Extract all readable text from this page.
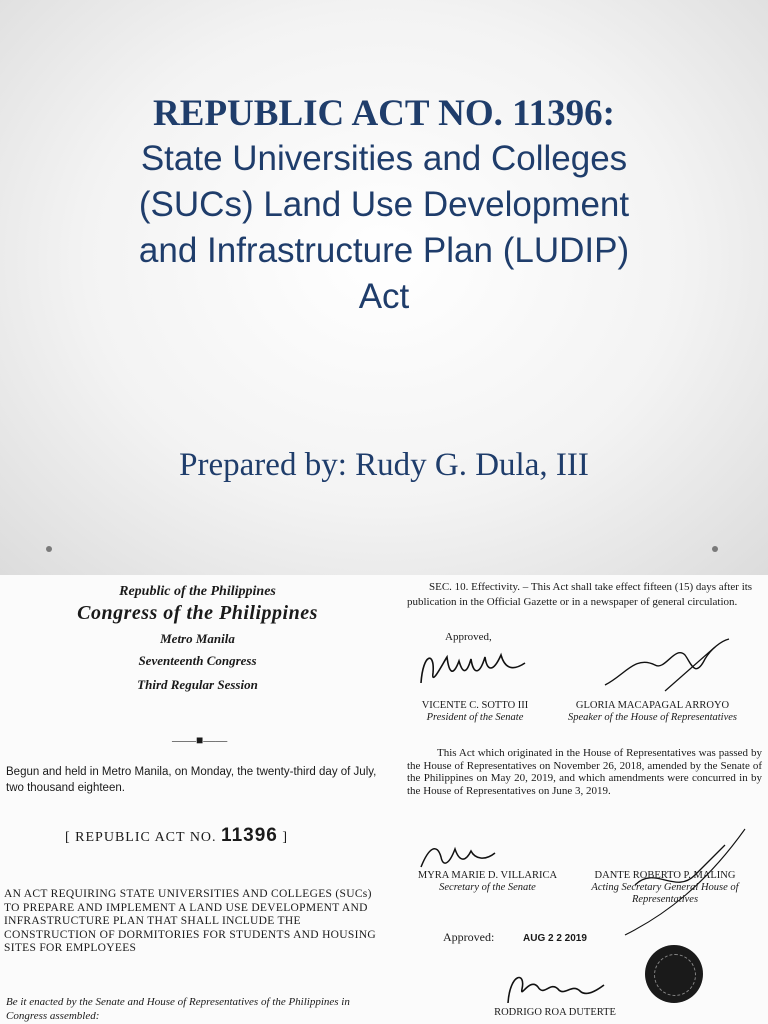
REPUBLIC ACT NO. 11396:
State Universities and Colleges
(SUCs) Land Use Development
and Infrastructure Plan (LUDIP)
Act
Prepared by: Rudy G. Dula, III
Republic of the Philippines
Congress of the Philippines
Metro Manila
Seventeenth Congress
Third Regular Session
——■——
Begun and held in Metro Manila, on Monday, the twenty-third day of July, two thousand eighteen.
[ REPUBLIC ACT NO. 11396 ]
AN ACT REQUIRING STATE UNIVERSITIES AND COLLEGES (SUCs) TO PREPARE AND IMPLEMENT A LAND USE DEVELOPMENT AND INFRASTRUCTURE PLAN THAT SHALL INCLUDE THE CONSTRUCTION OF DORMITORIES FOR STUDENTS AND HOUSING SITES FOR EMPLOYEES
Be it enacted by the Senate and House of Representatives of the Philippines in Congress assembled:
SEC. 10. Effectivity. – This Act shall take effect fifteen (15) days after its publication in the Official Gazette or in a newspaper of general circulation.
Approved,
VICENTE C. SOTTO III
President of the Senate
GLORIA MACAPAGAL ARROYO
Speaker of the House of Representatives
This Act which originated in the House of Representatives was passed by the House of Representatives on November 26, 2018, amended by the Senate of the Philippines on May 20, 2019, and which amendments were concurred in by the House of Representatives on June 3, 2019.
MYRA MARIE D. VILLARICA
Secretary of the Senate
DANTE ROBERTO P. MALING
Acting Secretary General House of Representatives
Approved:	AUG 2 2 2019
RODRIGO ROA DUTERTE
